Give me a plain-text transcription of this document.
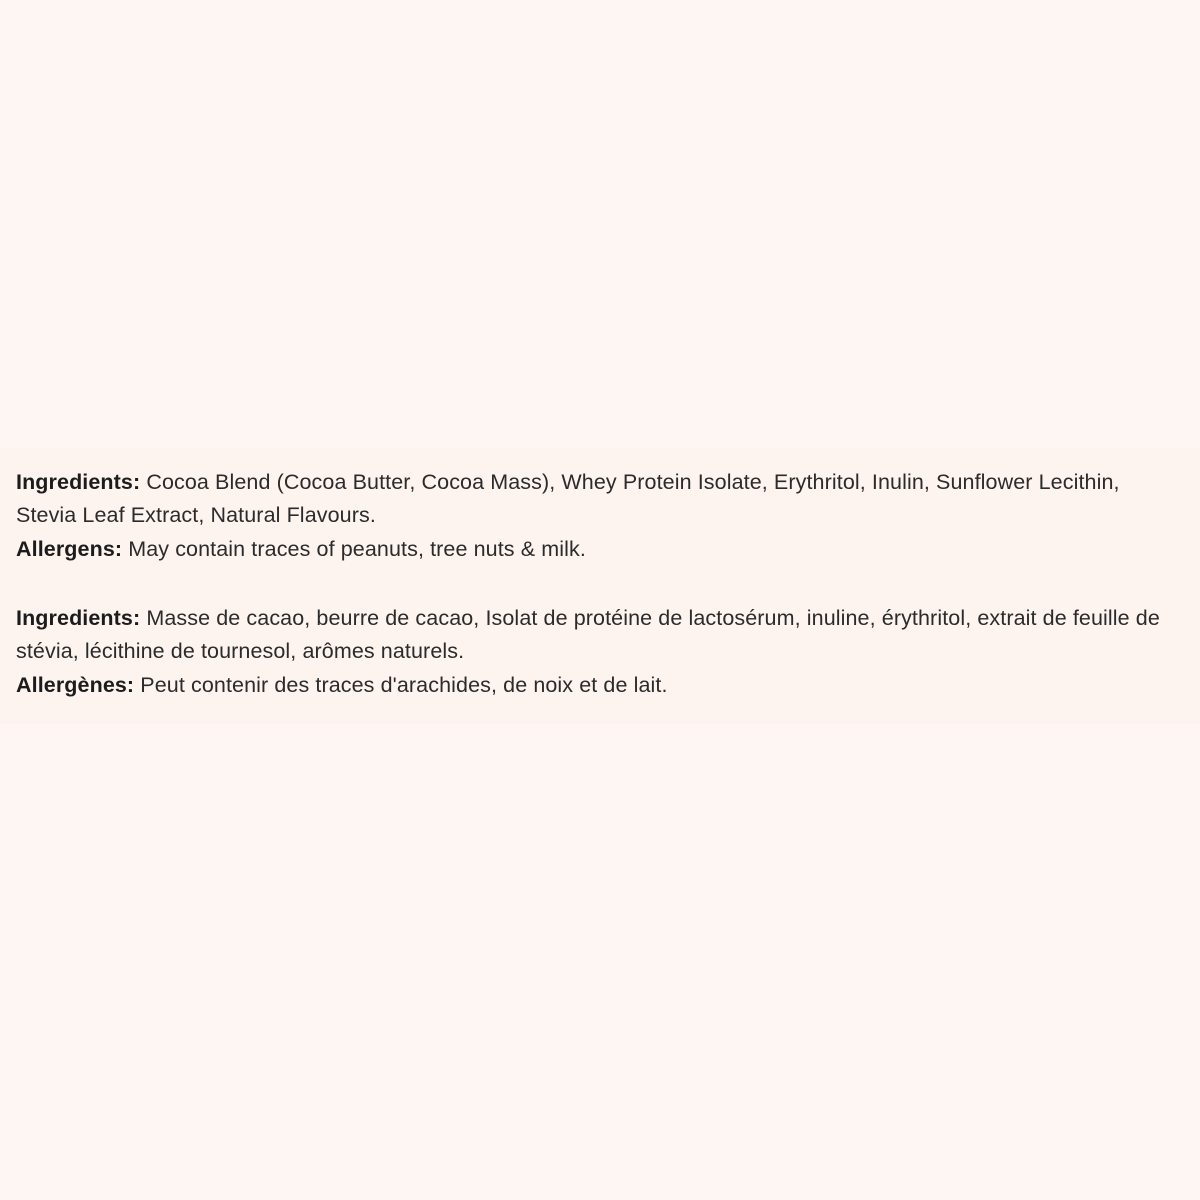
Ingredients: Cocoa Blend (Cocoa Butter, Cocoa Mass), Whey Protein Isolate, Erythritol, Inulin, Sunflower Lecithin, Stevia Leaf Extract, Natural Flavours.

Allergens: May contain traces of peanuts, tree nuts & milk.

Ingredients: Masse de cacao, beurre de cacao, Isolat de protéine de lactosérum, inuline, érythritol, extrait de feuille de stévia, lécithine de tournesol, arômes naturels.

Allergènes: Peut contenir des traces d'arachides, de noix et de lait.
